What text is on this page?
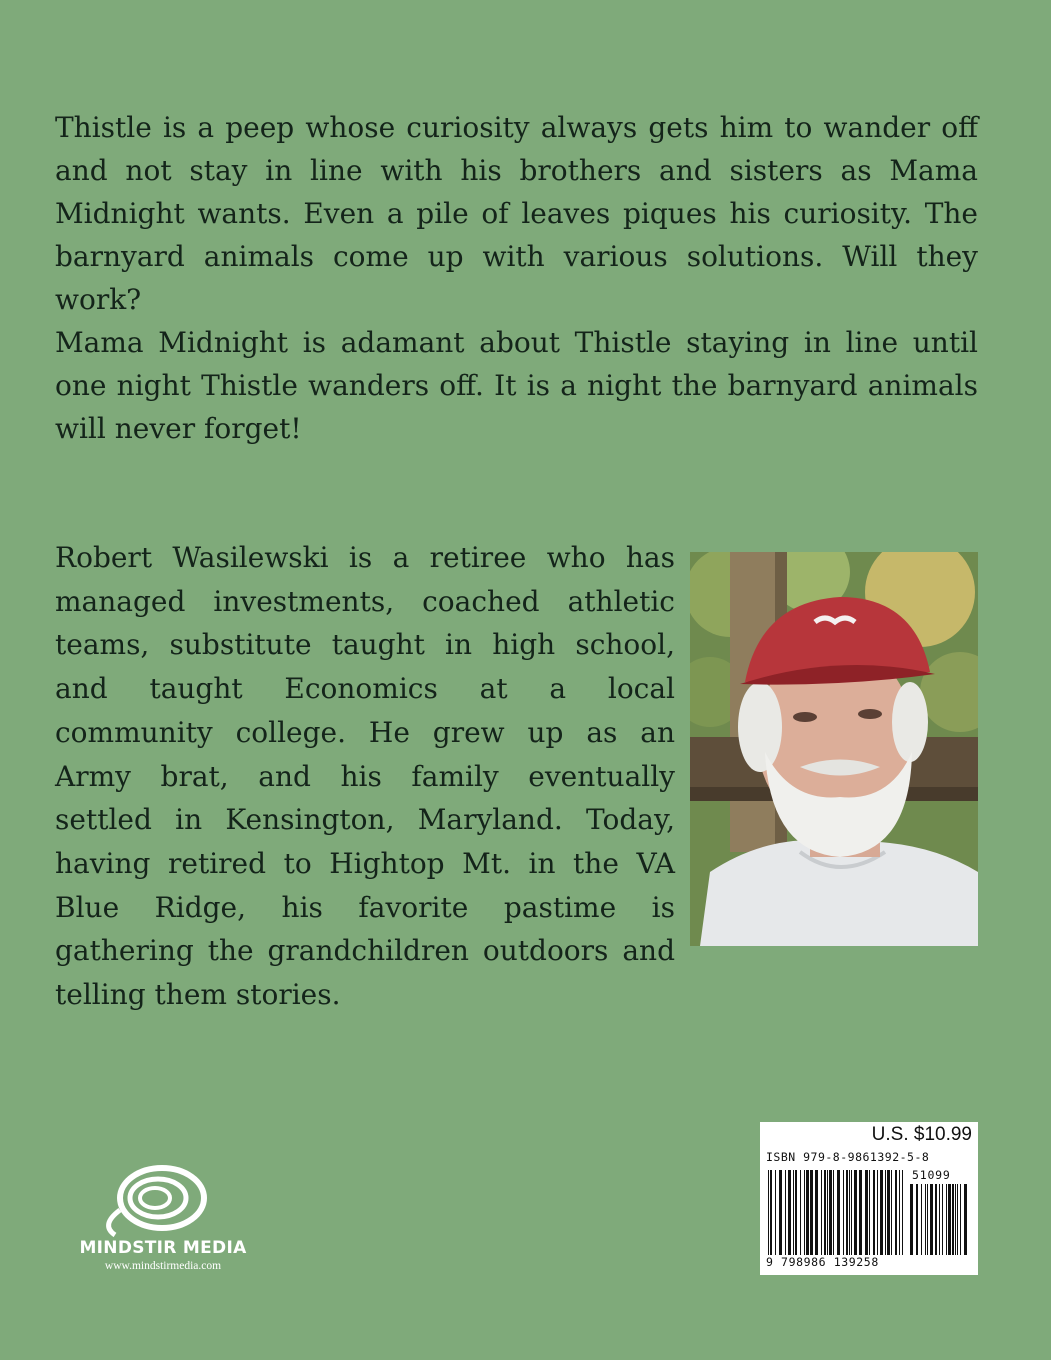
Thistle is a peep whose curiosity always gets him to wander off and not stay in line with his brothers and sisters as Mama Midnight wants. Even a pile of leaves piques his curiosity. The barnyard animals come up with various solutions. Will they work?

Mama Midnight is adamant about Thistle staying in line until one night Thistle wanders off. It is a night the barnyard animals will never forget!

Robert Wasilewski is a retiree who has managed investments, coached athletic teams, substitute taught in high school, and taught Economics at a local community college. He grew up as an Army brat, and his family eventually settled in Kensington, Maryland. Today, having retired to Hightop Mt. in the VA Blue Ridge, his favorite pastime is gathering the grandchildren outdoors and telling them stories.

MINDSTIR MEDIA
www.mindstirmedia.com
U.S. $10.99
ISBN 979-8-9861392-5-8
51099
9 798986 139258
